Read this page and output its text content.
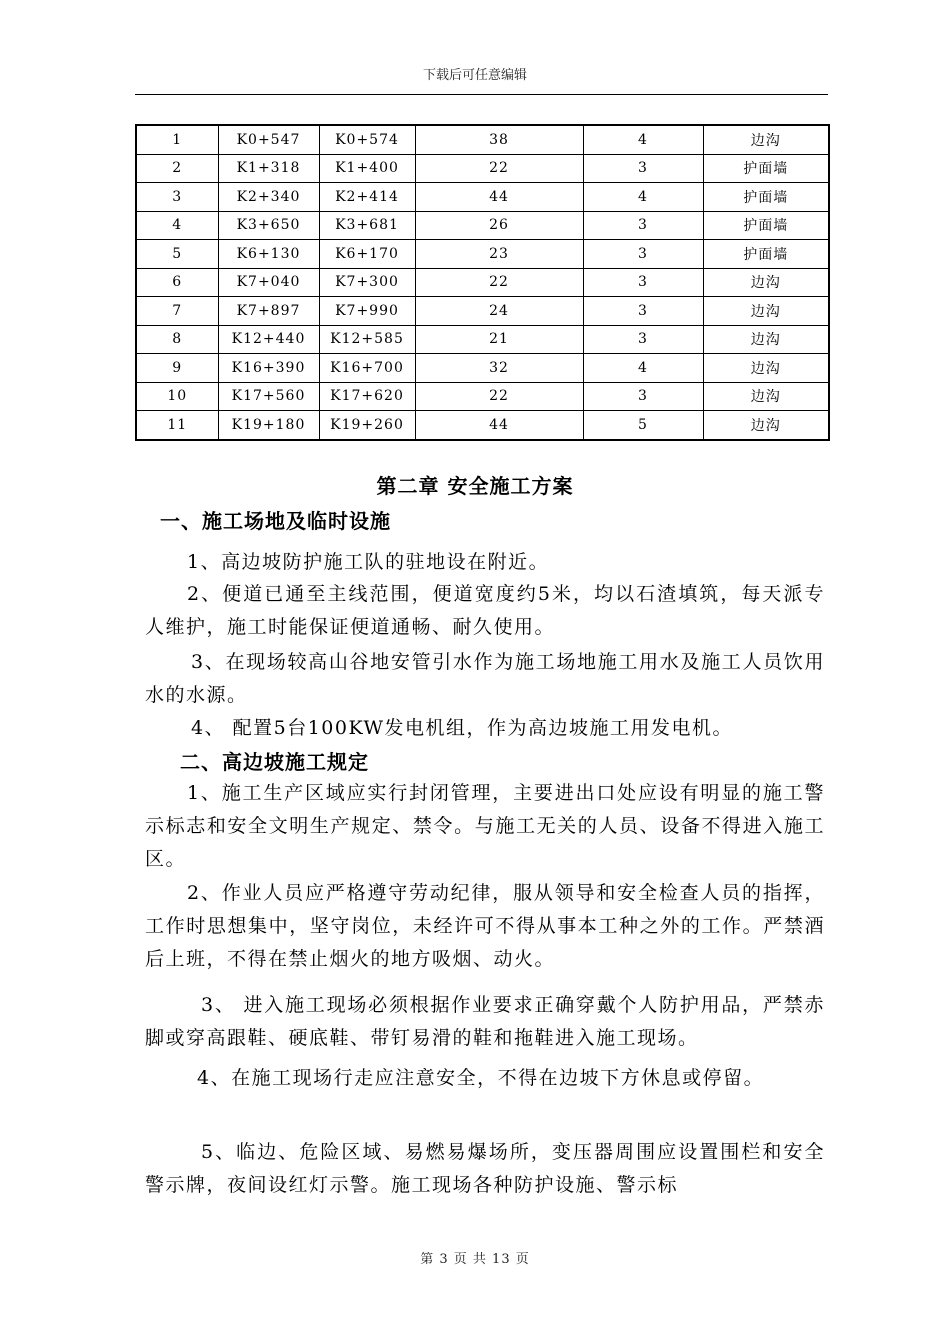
下载后可任意编辑
1	K0+547	K0+574	38	4	边沟
2	K1+318	K1+400	22	3	护面墙
3	K2+340	K2+414	44	4	护面墙
4	K3+650	K3+681	26	3	护面墙
5	K6+130	K6+170	23	3	护面墙
6	K7+040	K7+300	22	3	边沟
7	K7+897	K7+990	24	3	边沟
8	K12+440	K12+585	21	3	边沟
9	K16+390	K16+700	32	4	边沟
10	K17+560	K17+620	22	3	边沟
11	K19+180	K19+260	44	5	边沟
第二章 安全施工方案
一、施工场地及临时设施
1、高边坡防护施工队的驻地设在附近。
2、便道已通至主线范围，便道宽度约5米，均以石渣填筑，每天派专人维护，施工时能保证便道通畅、耐久使用。
3、在现场较高山谷地安管引水作为施工场地施工用水及施工人员饮用水的水源。
4、 配置5台100KW发电机组，作为高边坡施工用发电机。
二、高边坡施工规定
1、施工生产区域应实行封闭管理，主要进出口处应设有明显的施工警示标志和安全文明生产规定、禁令。与施工无关的人员、设备不得进入施工区。
2、作业人员应严格遵守劳动纪律，服从领导和安全检查人员的指挥，工作时思想集中，坚守岗位，未经许可不得从事本工种之外的工作。严禁酒后上班，不得在禁止烟火的地方吸烟、动火。
3、 进入施工现场必须根据作业要求正确穿戴个人防护用品，严禁赤脚或穿高跟鞋、硬底鞋、带钉易滑的鞋和拖鞋进入施工现场。
4、在施工现场行走应注意安全，不得在边坡下方休息或停留。
5、临边、危险区域、易燃易爆场所，变压器周围应设置围栏和安全警示牌，夜间设红灯示警。施工现场各种防护设施、警示标
第 3 页 共 13 页
